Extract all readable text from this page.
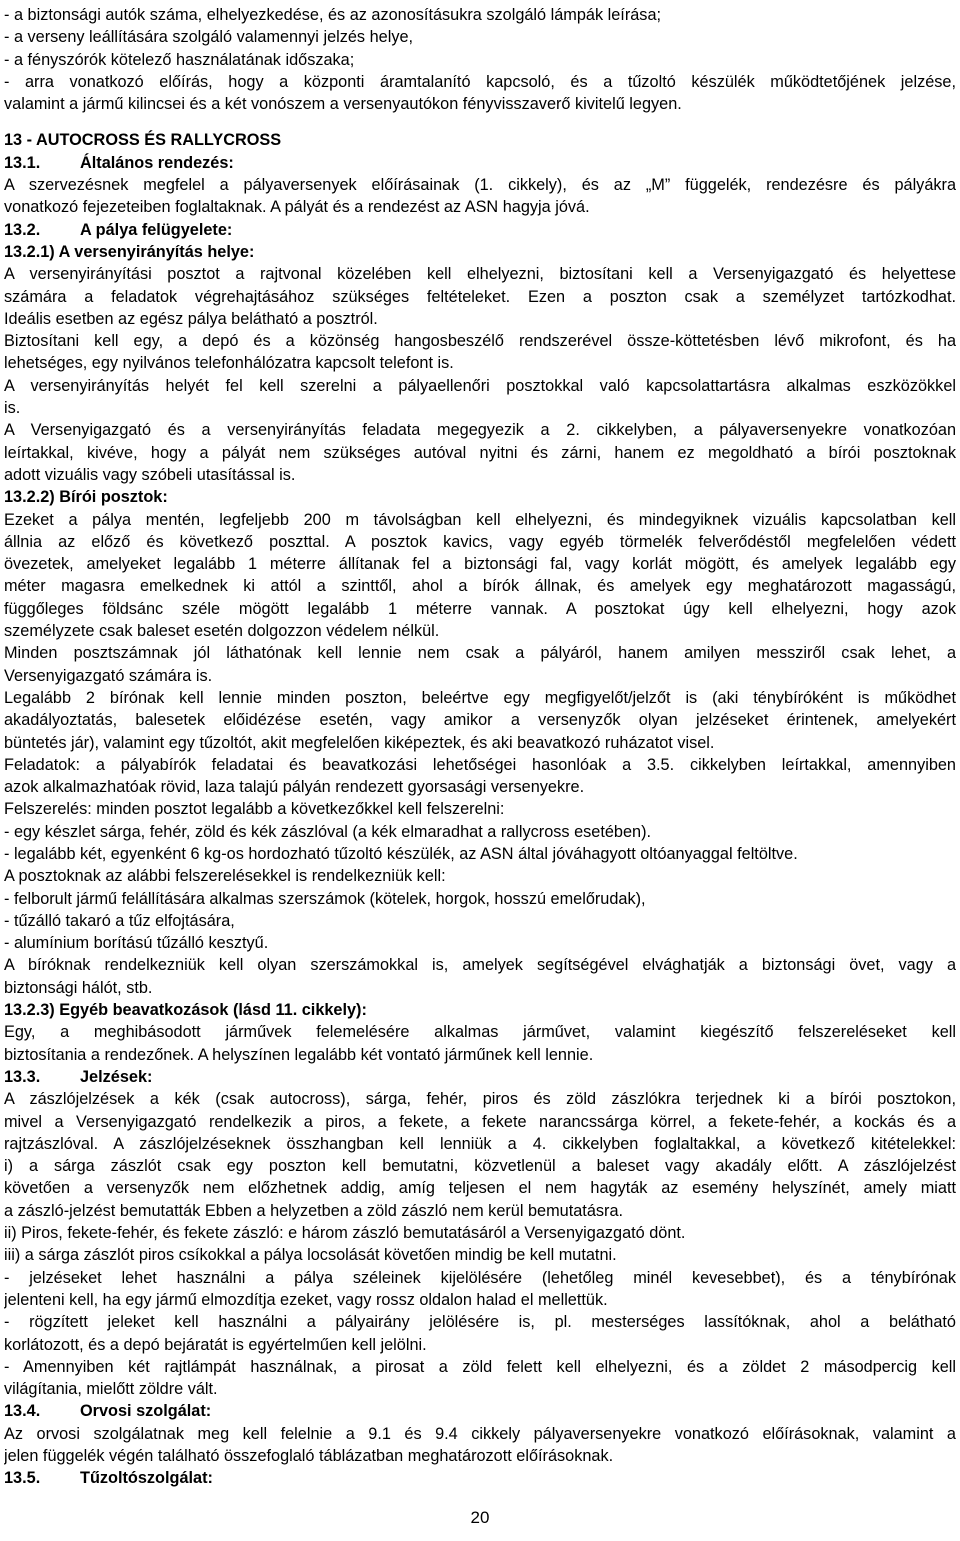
- a biztonsági autók száma, elhelyezkedése, és az azonosításukra szolgáló lámpák leírása;
- a verseny leállítására szolgáló valamennyi jelzés helye,
- a fényszórók kötelező használatának időszaka;
- arra vonatkozó előírás, hogy a központi áramtalanító kapcsoló, és a tűzoltó készülék működtetőjének jelzése,
valamint a jármű kilincsei és a két vonószem a versenyautókon fényvisszaverő kivitelű legyen.
13 - AUTOCROSS ÉS RALLYCROSS
13.1. Általános rendezés:
A szervezésnek megfelel a pályaversenyek előírásainak (1. cikkely), és az „M” függelék, rendezésre és pályákra
vonatkozó fejezeteiben foglaltaknak. A pályát és a rendezést az ASN hagyja jóvá.
13.2. A pálya felügyelete:
13.2.1) A versenyirányítás helye:
A versenyirányítási posztot a rajtvonal közelében kell elhelyezni, biztosítani kell a Versenyigazgató és helyettese
számára a feladatok végrehajtásához szükséges feltételeket. Ezen a poszton csak a személyzet tartózkodhat.
Ideális esetben az egész pálya belátható a posztról.
Biztosítani kell egy, a depó és a közönség hangosbeszélő rendszerével össze-köttetésben lévő mikrofont, és ha
lehetséges, egy nyilvános telefonhálózatra kapcsolt telefont is.
A versenyirányítás helyét fel kell szerelni a pályaellenőri posztokkal való kapcsolattartásra alkalmas eszközökkel
is.
A Versenyigazgató és a versenyirányítás feladata megegyezik a 2. cikkelyben, a pályaversenyekre vonatkozóan
leírtakkal, kivéve, hogy a pályát nem szükséges autóval nyitni és zárni, hanem ez megoldható a bírói posztoknak
adott vizuális vagy szóbeli utasítással is.
13.2.2) Bírói posztok:
Ezeket a pálya mentén, legfeljebb 200 m távolságban kell elhelyezni, és mindegyiknek vizuális kapcsolatban kell
állnia az előző és következő poszttal. A posztok kavics, vagy egyéb törmelék felverődéstől megfelelően védett
övezetek, amelyeket legalább 1 méterre állítanak fel a biztonsági fal, vagy korlát mögött, és amelyek legalább egy
méter magasra emelkednek ki attól a szinttől, ahol a bírók állnak, és amelyek egy meghatározott magasságú,
függőleges földsánc széle mögött legalább 1 méterre vannak. A posztokat úgy kell elhelyezni, hogy azok
személyzete csak baleset esetén dolgozzon védelem nélkül.
Minden posztszámnak jól láthatónak kell lennie nem csak a pályáról, hanem amilyen messziről csak lehet, a
Versenyigazgató számára is.
Legalább 2 bírónak kell lennie minden poszton, beleértve egy megfigyelőt/jelzőt is (aki ténybíróként is működhet
akadályoztatás, balesetek előidézése esetén, vagy amikor a versenyzők olyan jelzéseket érintenek, amelyekért
büntetés jár), valamint egy tűzoltót, akit megfelelően kiképeztek, és aki beavatkozó ruházatot visel.
Feladatok: a pályabírók feladatai és beavatkozási lehetőségei hasonlóak a 3.5. cikkelyben leírtakkal, amennyiben
azok alkalmazhatóak rövid, laza talajú pályán rendezett gyorsasági versenyekre.
Felszerelés: minden posztot legalább a következőkkel kell felszerelni:
- egy készlet sárga, fehér, zöld és kék zászlóval (a kék elmaradhat a rallycross esetében).
- legalább két, egyenként 6 kg-os hordozható tűzoltó készülék, az ASN által jóváhagyott oltóanyaggal feltöltve.
A posztoknak az alábbi felszerelésekkel is rendelkezniük kell:
- felborult jármű felállítására alkalmas szerszámok (kötelek, horgok, hosszú emelőrudak),
- tűzálló takaró a tűz elfojtására,
- alumínium borítású tűzálló kesztyű.
A bíróknak rendelkezniük kell olyan szerszámokkal is, amelyek segítségével elvághatják a biztonsági övet, vagy a
biztonsági hálót, stb.
13.2.3) Egyéb beavatkozások (lásd 11. cikkely):
Egy, a meghibásodott járművek felemelésére alkalmas járművet, valamint kiegészítő felszereléseket kell
biztosítania a rendezőnek. A helyszínen legalább két vontató járműnek kell lennie.
13.3. Jelzések:
A zászlójelzések a kék (csak autocross), sárga, fehér, piros és zöld zászlókra terjednek ki a bírói posztokon,
mivel a Versenyigazgató rendelkezik a piros, a fekete, a fekete narancssárga körrel, a fekete-fehér, a kockás és a
rajtzászlóval. A zászlójelzéseknek összhangban kell lenniük a 4. cikkelyben foglaltakkal, a következő kitételekkel:
i) a sárga zászlót csak egy poszton kell bemutatni, közvetlenül a baleset vagy akadály előtt. A zászlójelzést
követően a versenyzők nem előzhetnek addig, amíg teljesen el nem hagyták az esemény helyszínét, amely miatt
a zászló-jelzést bemutatták Ebben a helyzetben a zöld zászló nem kerül bemutatásra.
ii) Piros, fekete-fehér, és fekete zászló: e három zászló bemutatásáról a Versenyigazgató dönt.
iii) a sárga zászlót piros csíkokkal a pálya locsolását követően mindig be kell mutatni.
- jelzéseket lehet használni a pálya széleinek kijelölésére (lehetőleg minél kevesebbet), és a ténybírónak
jelenteni kell, ha egy jármű elmozdítja ezeket, vagy rossz oldalon halad el mellettük.
- rögzített jeleket kell használni a pályairány jelölésére is, pl. mesterséges lassítóknak, ahol a belátható
korlátozott, és a depó bejáratát is egyértelműen kell jelölni.
- Amennyiben két rajtlámpát használnak, a pirosat a zöld felett kell elhelyezni, és a zöldet 2 másodpercig kell
világítania, mielőtt zöldre vált.
13.4. Orvosi szolgálat:
Az orvosi szolgálatnak meg kell felelnie a 9.1 és 9.4 cikkely pályaversenyekre vonatkozó előírásoknak, valamint a
jelen függelék végén található összefoglaló táblázatban meghatározott előírásoknak.
13.5. Tűzoltószolgálat:
20
